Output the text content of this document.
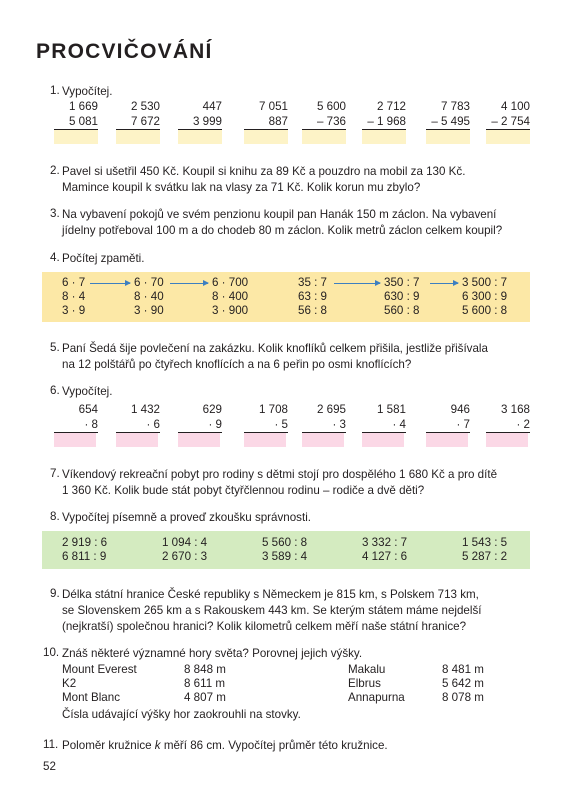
PROCVIČOVÁNÍ
1. Vypočítej.
1 669
5 081
2 530
7 672
447
3 999
7 051
887
5 600
– 736
2 712
– 1 968
7 783
– 5 495
4 100
– 2 754
2. Pavel si ušetřil 450 Kč. Koupil si knihu za 89 Kč a pouzdro na mobil za 130 Kč.
Mamince koupil k svátku lak na vlasy za 71 Kč. Kolik korun mu zbylo?
3. Na vybavení pokojů ve svém penzionu koupil pan Hanák 150 m záclon. Na vybavení
jídelny potřeboval 100 m a do chodeb 80 m záclon. Kolik metrů záclon celkem koupil?
4. Počítej zpaměti.
6 · 7
8 · 4
3 · 9
6 · 70
8 · 40
3 · 90
6 · 700
8 · 400
3 · 900
35 : 7
63 : 9
56 : 8
350 : 7
630 : 9
560 : 8
3 500 : 7
6 300 : 9
5 600 : 8
5. Paní Šedá šije povlečení na zakázku. Kolik knoflíků celkem přišila, jestliže přišívala
na 12 polštářů po čtyřech knoflících a na 6 peřin po osmi knoflících?
6. Vypočítej.
654
· 8
1 432
· 6
629
· 9
1 708
· 5
2 695
· 3
1 581
· 4
946
· 7
3 168
· 2
7. Víkendový rekreační pobyt pro rodiny s dětmi stojí pro dospělého 1 680 Kč a pro dítě
1 360 Kč. Kolik bude stát pobyt čtyřčlennou rodinu – rodiče a dvě děti?
8. Vypočítej písemně a proveď zkoušku správnosti.
2 919 : 6
6 811 : 9
1 094 : 4
2 670 : 3
5 560 : 8
3 589 : 4
3 332 : 7
4 127 : 6
1 543 : 5
5 287 : 2
9. Délka státní hranice České republiky s Německem je 815 km, s Polskem 713 km,
se Slovenskem 265 km a s Rakouskem 443 km. Se kterým státem máme nejdelší
(nejkratší) společnou hranici? Kolik kilometrů celkem měří naše státní hranice?
10. Znáš některé významné hory světa? Porovnej jejich výšky.
Mount Everest
K2
Mont Blanc
8 848 m
8 611 m
4 807 m
Makalu
Elbrus
Annapurna
8 481 m
5 642 m
8 078 m
Čísla udávající výšky hor zaokrouhli na stovky.
11. Poloměr kružnice k měří 86 cm. Vypočítej průměr této kružnice.
52
